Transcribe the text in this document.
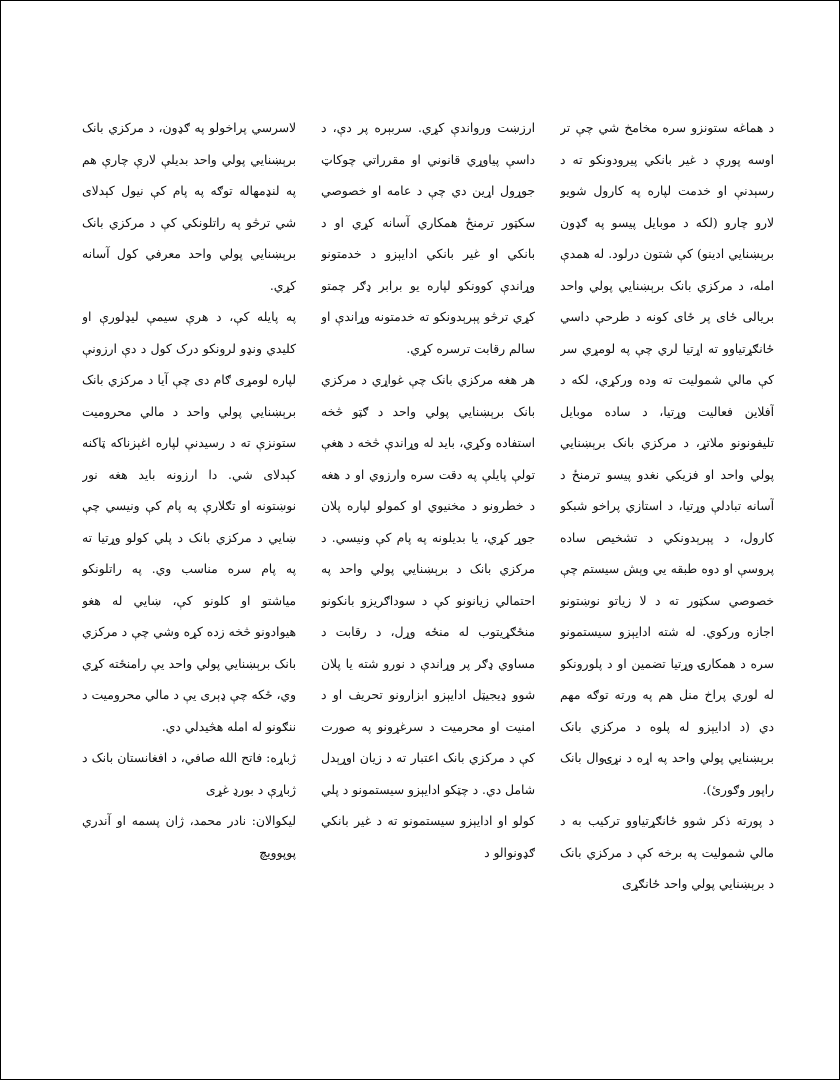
د هماغه ستونزو سره مخامخ شي چې تر اوسه پورې د غير بانکي پيرودونکو ته د رسېدنې او خدمت لپاره په کارول شويو لارو چارو (لکه د موبايل پيسو په ګډون برېښنايي ادينو) کې شتون درلود. له همدې امله، د مرکزي بانک برېښنايي پولي واحد بريالی ځای پر ځای کونه د طرحې داسي ځانګړتياوو ته اړتيا لري چې په لومړي سر کې مالي شموليت ته وده ورکړي، لکه د آفلاين فعاليت وړتيا، د ساده موبايل تليفونونو ملاتړ، د مرکزي بانک برېښنايي پولي واحد او فزيکي نغدو پيسو ترمنځ د آسانه تبادلې وړتيا، د استازي پراخو شبکو کارول، د پېرېدونکي د تشخيص ساده پروسې او دوه طبقه يي وېش سيستم چې خصوصي سکټور ته د لا زياتو نوښتونو اجازه ورکوي. له شته ادايېزو سيستمونو سره د همکارۍ وړتيا تضمين او د پلورونکو له لوري پراخ منل هم په ورته توګه مهم دي (د ادايېزو له پلوه د مرکزي بانک برېښنايي پولي واحد په اړه د نړۍوال بانک راپور وګورئ).

د پورته ذکر شوو ځانګړتياوو ترکيب به د مالي شموليت په برخه کې د مرکزي بانک د برېښنايي پولي واحد ځانګړی

ارزښت ورواندې کړي. سربېره پر دې، د داسې پياوړي قانوني او مقرراتي چوکاټ جوړول اړين دي چې د عامه او خصوصي سکټور ترمنځ همکاري آسانه کړي او د بانکي او غير بانکي ادايېزو د خدمتونو وړاندې کوونکو لپاره يو برابر ډګر چمتو کړي ترڅو پېرېدونکو ته خدمتونه وړاندې او سالم رقابت ترسره کړي.

هر هغه مرکزي بانک چې غواړي د مرکزي بانک برېښنايي پولي واحد د ګټو څخه استفاده وکړي، بايد له وړاندې څخه د هغې تولې پايلې په دقت سره وارزوي او د هغه د خطرونو د مخنيوي او کمولو لپاره پلان جوړ کړي، يا بديلونه په پام کې ونيسي. د مرکزي بانک د برېښنايي پولي واحد په احتمالي زيانونو کې د سوداګريزو بانکونو منځګړيتوب له منځه وړل، د رقابت د مساوي ډګر پر وړاندې د نورو شته يا پلان شوو ډيجيټل ادايېزو ابزارونو تحريف او د امنيت او محرميت د سرغړونو په صورت کې د مرکزي بانک اعتبار ته د زيان اوړېدل شامل دي. د چټکو ادايېزو سيستمونو د پلي کولو او ادايېزو سيستمونو ته د غير بانکي ګډونوالو د

لاسرسي پراخولو په ګډون، د مرکزي بانک برېښنايي پولي واحد بديلې لارې چارې هم په لنډمهاله توګه په پام کې نيول کېدلای شي ترڅو په راتلونکي کې د مرکزي بانک برېښنايي پولي واحد معرفي کول آسانه کړي.

په پايله کې، د هرې سيمې ليډلورې او کليدي ونډو لرونکو درک کول د دې ارزونې لپاره لومړی ګام دی چې آيا د مرکزي بانک برېښنايي پولي واحد د مالي محروميت ستونزې ته د رسيدنې لپاره اغېزناکه ټاکنه کېدلای شي. دا ارزونه بايد هغه نور نوښتونه او تګلارې په پام کې ونيسي چې ښايي د مرکزي بانک د پلي کولو وړتيا ته په پام سره مناسب وي. په راتلونکو مياشتو او کلونو کې، ښايي له هغو هيوادونو څخه زده کړه وشي چې د مرکزي بانک برېښنايي پولي واحد يې رامنځته کړي وي، ځکه چې ډېری يې د مالي محروميت د ننګونو له امله هڅيدلي دي.

ژباړه: فاتح الله صافي، د افغانستان بانک د ژباړې د بورډ غړی

ليکوالان: نادر محمد، ژان پسمه او آندري پوپوويچ
